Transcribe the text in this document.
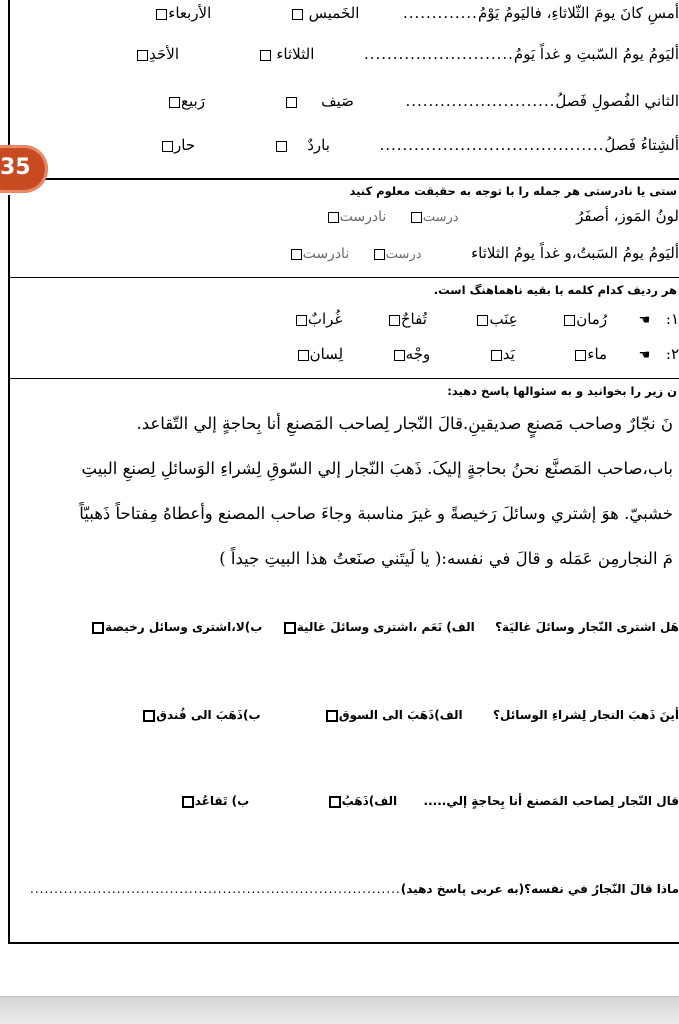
35
أمسِ كانَ يومَ الثّلاثاءِ، فاليَومُ يَوْمُ.............  الخَميس   الأربعاء
أليَومُ يومُ السّبتِ و غداً يَومُ..........................  الثلاثاء   الأحَدِ
الثاني الفُصولِ فَصلُ..........................  صَيف    رَبيع
ألشِتاءُ فَصلُ.......................................  باردٌ    حار
ستی یا نادرستی هر جمله را با توجه به حقیقت معلوم کنید
لونُ المَوز، أصفَرُ  درست  نادرست
أليَومُ يومُ السَبتُ،و غداً يومُ الثلاثاء  درست  نادرست
هر ردیف کدام کلمه با بقیه ناهماهنگ است.
١:  ☚  رُمان  عِنَب  تُفاحٌ  غُرابٌ
٢:  ☚  ماء  يَد  وجْه  لِسان
ن زیر را بخوانید و به سئوالها پاسخ دهید:
نَ نجّارٌ وصاحب مَصنعٍ صديقينِ.قالَ النّجار لِصاحب المَصنعِ أنا بِحاجةٍ إلي التّقاعد.
باب،صاحب المَصنَّع نحنُ بحاجةٍ إليکَ. ذَهبَ النّجار إلي السّوقِ لِشراءِ الوَسائلِ لِصنعِ البيتِ
خشبيّ. هوَ إشتري وسائلَ رَخيصةً و غيرَ مناسبة وجاءَ صاحب المصنع وأعطاهُ مِفتاحاً ذَهبيّاً
مَ النجارمِن عَمَله و قالَ في نفسه:( يا لَيتَني صنَعتُ هذا البيتِ جيداً )
هَل اشترى النّجار وسائلَ غاليَة؟  الف) نَعَم ،اشترى وسائلَ غالية  ب)لا،اشترى وسائل رخيصة
أينَ ذَهبَ النجار لِشراءِ الوسائل؟  الف)ذَهَبَ الى السوق  ب)ذَهَبَ الى فُندق
قال النّجار لِصاحب المَصنع أنا بِحاجةٍ إلي.....  الف)ذَهَبُ  ب) تَقاعُد
ماذا قالَ النّجارُ في نفسه؟(به عربی پاسخ دهید).............................................................................
